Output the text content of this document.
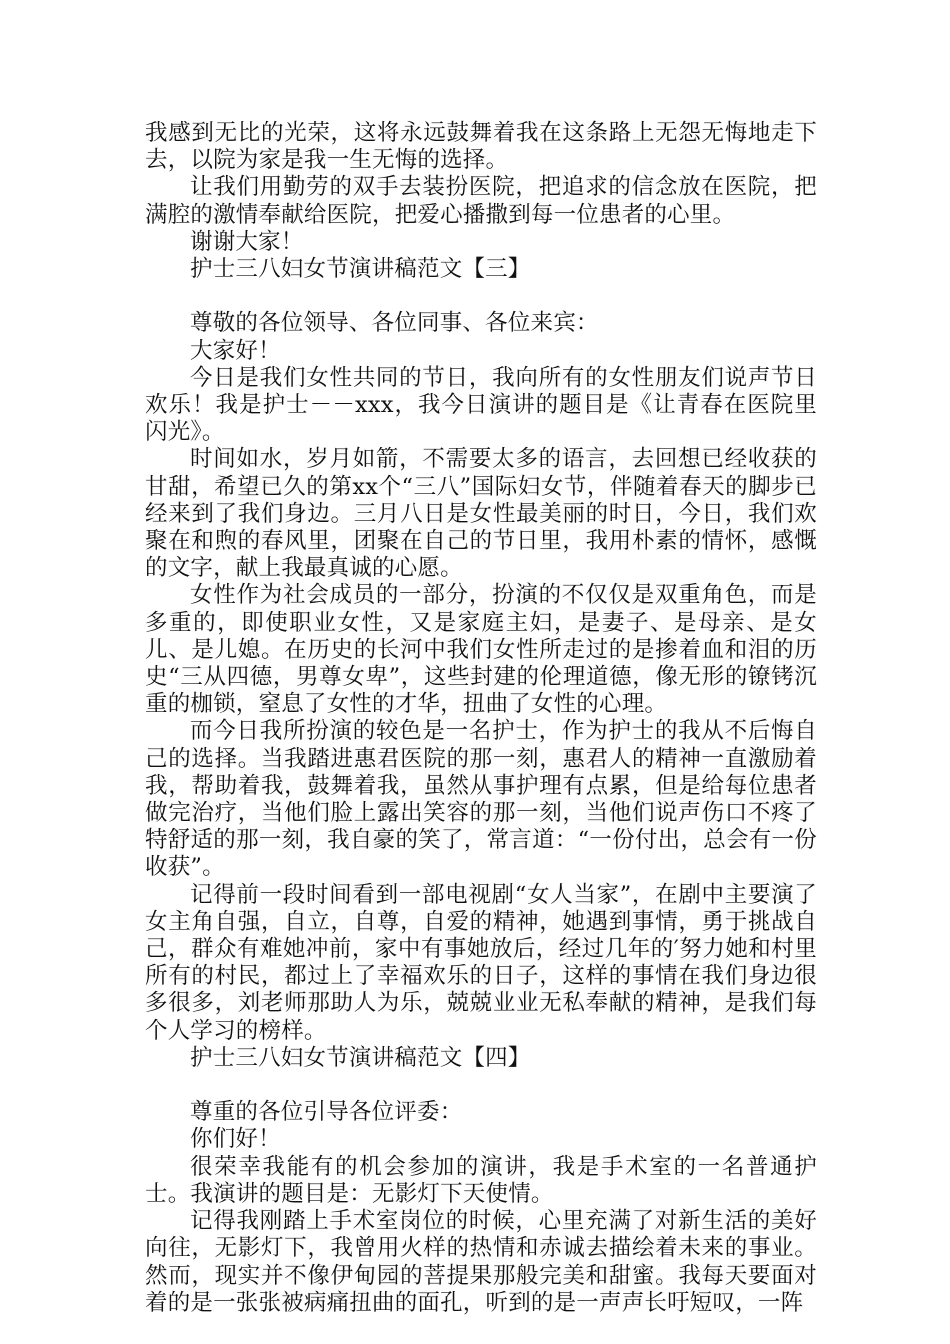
我感到无比的光荣，这将永远鼓舞着我在这条路上无怨无悔地走下去，以院为家是我一生无悔的选择。

让我们用勤劳的双手去装扮医院，把追求的信念放在医院，把满腔的激情奉献给医院，把爱心播撒到每一位患者的心里。

谢谢大家！

护士三八妇女节演讲稿范文【三】

尊敬的各位领导、各位同事、各位来宾：

大家好！

今日是我们女性共同的节日，我向所有的女性朋友们说声节日欢乐！我是护士－－xxx，我今日演讲的题目是《让青春在医院里闪光》。

时间如水，岁月如箭，不需要太多的语言，去回想已经收获的甘甜，希望已久的第xx个“三八”国际妇女节，伴随着春天的脚步已经来到了我们身边。三月八日是女性最美丽的时日，今日，我们欢聚在和煦的春风里，团聚在自己的节日里，我用朴素的情怀，感慨的文字，献上我最真诚的心愿。

女性作为社会成员的一部分，扮演的不仅仅是双重角色，而是多重的，即使职业女性，又是家庭主妇，是妻子、是母亲、是女儿、是儿媳。在历史的长河中我们女性所走过的是掺着血和泪的历史“三从四德，男尊女卑”，这些封建的伦理道德，像无形的镣铐沉重的枷锁，窒息了女性的才华，扭曲了女性的心理。

而今日我所扮演的较色是一名护士，作为护士的我从不后悔自己的选择。当我踏进惠君医院的那一刻，惠君人的精神一直激励着我，帮助着我，鼓舞着我，虽然从事护理有点累，但是给每位患者做完治疗，当他们脸上露出笑容的那一刻，当他们说声伤口不疼了特舒适的那一刻，我自豪的笑了，常言道：“一份付出，总会有一份收获”。

记得前一段时间看到一部电视剧“女人当家”，在剧中主要演了女主角自强，自立，自尊，自爱的精神，她遇到事情，勇于挑战自己，群众有难她冲前，家中有事她放后，经过几年的′努力她和村里所有的村民，都过上了幸福欢乐的日子，这样的事情在我们身边很多很多，刘老师那助人为乐，兢兢业业无私奉献的精神，是我们每个人学习的榜样。

护士三八妇女节演讲稿范文【四】

尊重的各位引导各位评委：

你们好！

很荣幸我能有的机会参加的演讲，我是手术室的一名普通护士。我演讲的题目是：无影灯下天使情。

记得我刚踏上手术室岗位的时候，心里充满了对新生活的美好向往，无影灯下，我曾用火样的热情和赤诚去描绘着未来的事业。然而，现实并不像伊甸园的菩提果那般完美和甜蜜。我每天要面对着的是一张张被病痛扭曲的面孔，听到的是一声声长吁短叹，一阵
